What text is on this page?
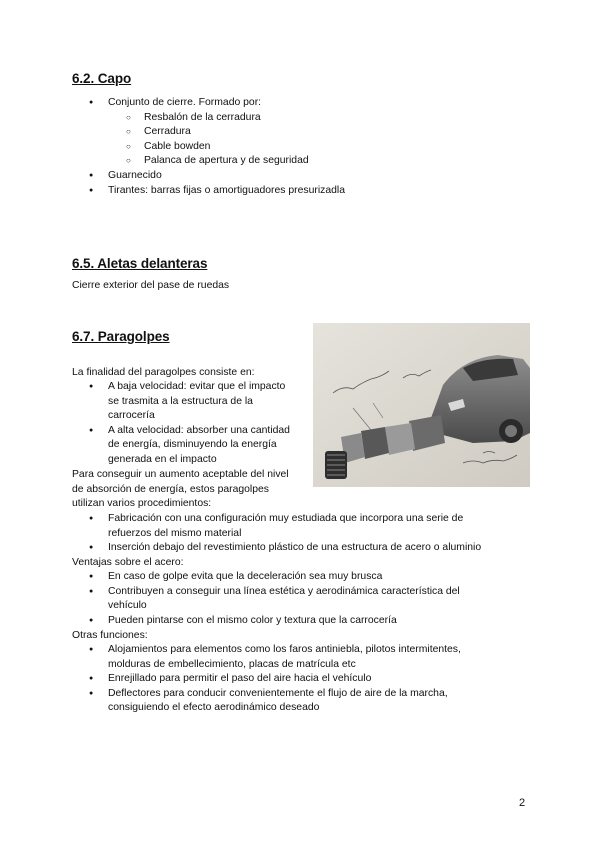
6.2. Capo
● Conjunto de cierre. Formado por:
○ Resbalón de la cerradura
○ Cerradura
○ Cable bowden
○ Palanca de apertura y de seguridad
● Guarnecido
● Tirantes: barras fijas o amortiguadores presurizadla
6.5. Aletas delanteras
Cierre exterior del pase de ruedas
6.7. Paragolpes
La finalidad del paragolpes consiste en:
● A baja velocidad: evitar que el impacto
se trasmita a la estructura de la
carrocería
● A alta velocidad: absorber una cantidad
de energía, disminuyendo la energía
generada en el impacto
Para conseguir un aumento aceptable del nivel
de absorción de energía, estos paragolpes
utilizan varios procedimientos:
● Fabricación con una configuración muy estudiada que incorpora una serie de
refuerzos del mismo material
● Inserción debajo del revestimiento plástico de una estructura de acero o aluminio
Ventajas sobre el acero:
● En caso de golpe evita que la deceleración sea muy brusca
● Contribuyen a conseguir una línea estética y aerodinámica característica del
vehículo
● Pueden pintarse con el mismo color y textura que la carrocería
Otras funciones:
● Alojamientos para elementos como los faros antiniebla, pilotos intermitentes,
molduras de embellecimiento, placas de matrícula etc
● Enrejillado para permitir el paso del aire hacia el vehículo
● Deflectores para conducir convenientemente el flujo de aire de la marcha,
consiguiendo el efecto aerodinámico deseado
2
